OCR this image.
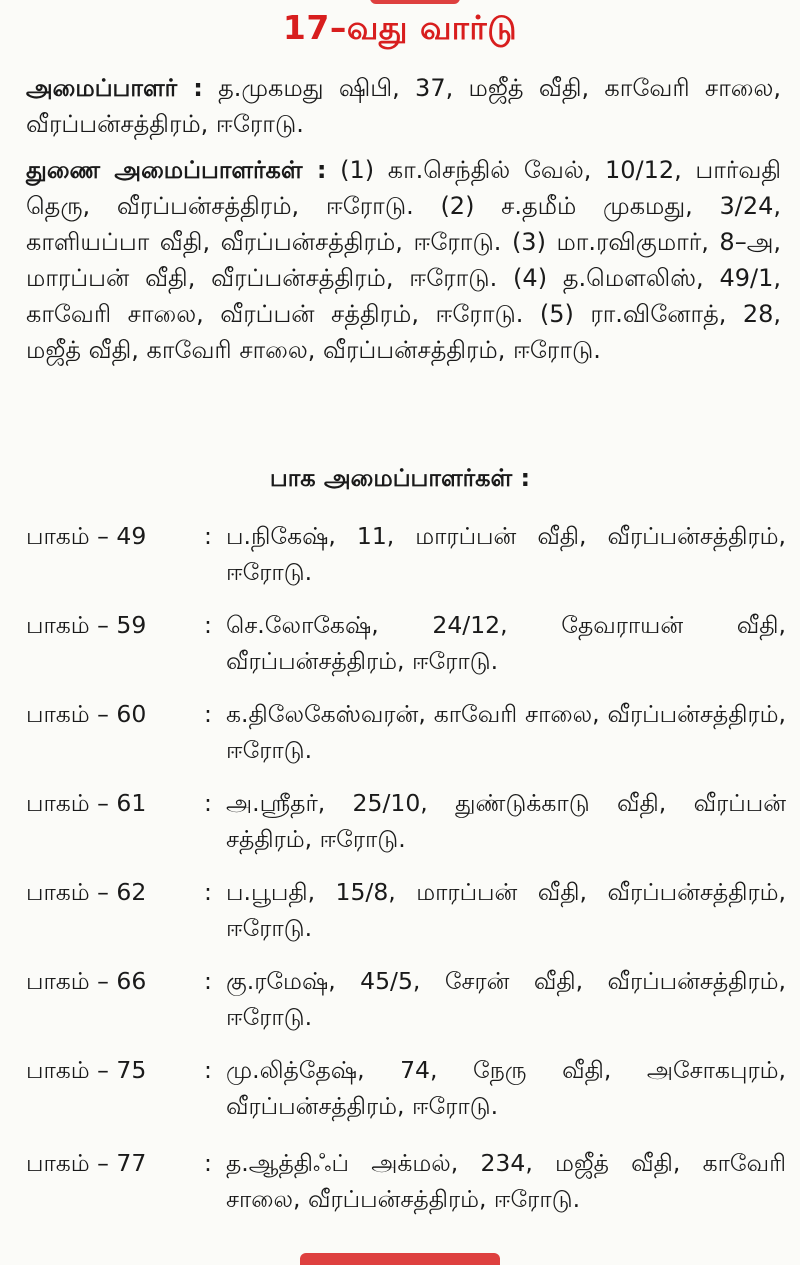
17–வது வார்டு
அமைப்பாளர் : த.முகமது ஷிபி, 37, மஜீத் வீதி, காவேரி சாலை, வீரப்பன்சத்திரம், ஈரோடு.
துணை அமைப்பாளர்கள் : (1) கா.செந்தில் வேல், 10/12, பார்வதி தெரு, வீரப்பன்சத்திரம், ஈரோடு. (2) ச.தமீம் முகமது, 3/24, காளியப்பா வீதி, வீரப்பன்சத்திரம், ஈரோடு. (3) மா.ரவிகுமார், 8–அ, மாரப்பன் வீதி, வீரப்பன்சத்திரம், ஈரோடு. (4) த.மௌலிஸ், 49/1, காவேரி சாலை, வீரப்பன் சத்திரம், ஈரோடு. (5) ரா.வினோத், 28, மஜீத் வீதி, காவேரி சாலை, வீரப்பன்சத்திரம், ஈரோடு.
பாக அமைப்பாளர்கள் :
பாகம் – 49	: ப.நிகேஷ், 11, மாரப்பன் வீதி, வீரப்பன்சத்திரம், ஈரோடு.
பாகம் – 59	: செ.லோகேஷ், 24/12, தேவராயன் வீதி, வீரப்பன்சத்திரம், ஈரோடு.
பாகம் – 60	: க.திலேகேஸ்வரன், காவேரி சாலை, வீரப்பன்சத்திரம், ஈரோடு.
பாகம் – 61	: அ.ஸ்ரீதர், 25/10, துண்டுக்காடு வீதி, வீரப்பன் சத்திரம், ஈரோடு.
பாகம் – 62	: ப.பூபதி, 15/8, மாரப்பன் வீதி, வீரப்பன்சத்திரம், ஈரோடு.
பாகம் – 66	: கு.ரமேஷ், 45/5, சேரன் வீதி, வீரப்பன்சத்திரம், ஈரோடு.
பாகம் – 75	: மு.லித்தேஷ், 74, நேரு வீதி, அசோகபுரம், வீரப்பன்சத்திரம், ஈரோடு.
பாகம் – 77	: த.ஆத்திஃப் அக்மல், 234, மஜீத் வீதி, காவேரி சாலை, வீரப்பன்சத்திரம், ஈரோடு.
